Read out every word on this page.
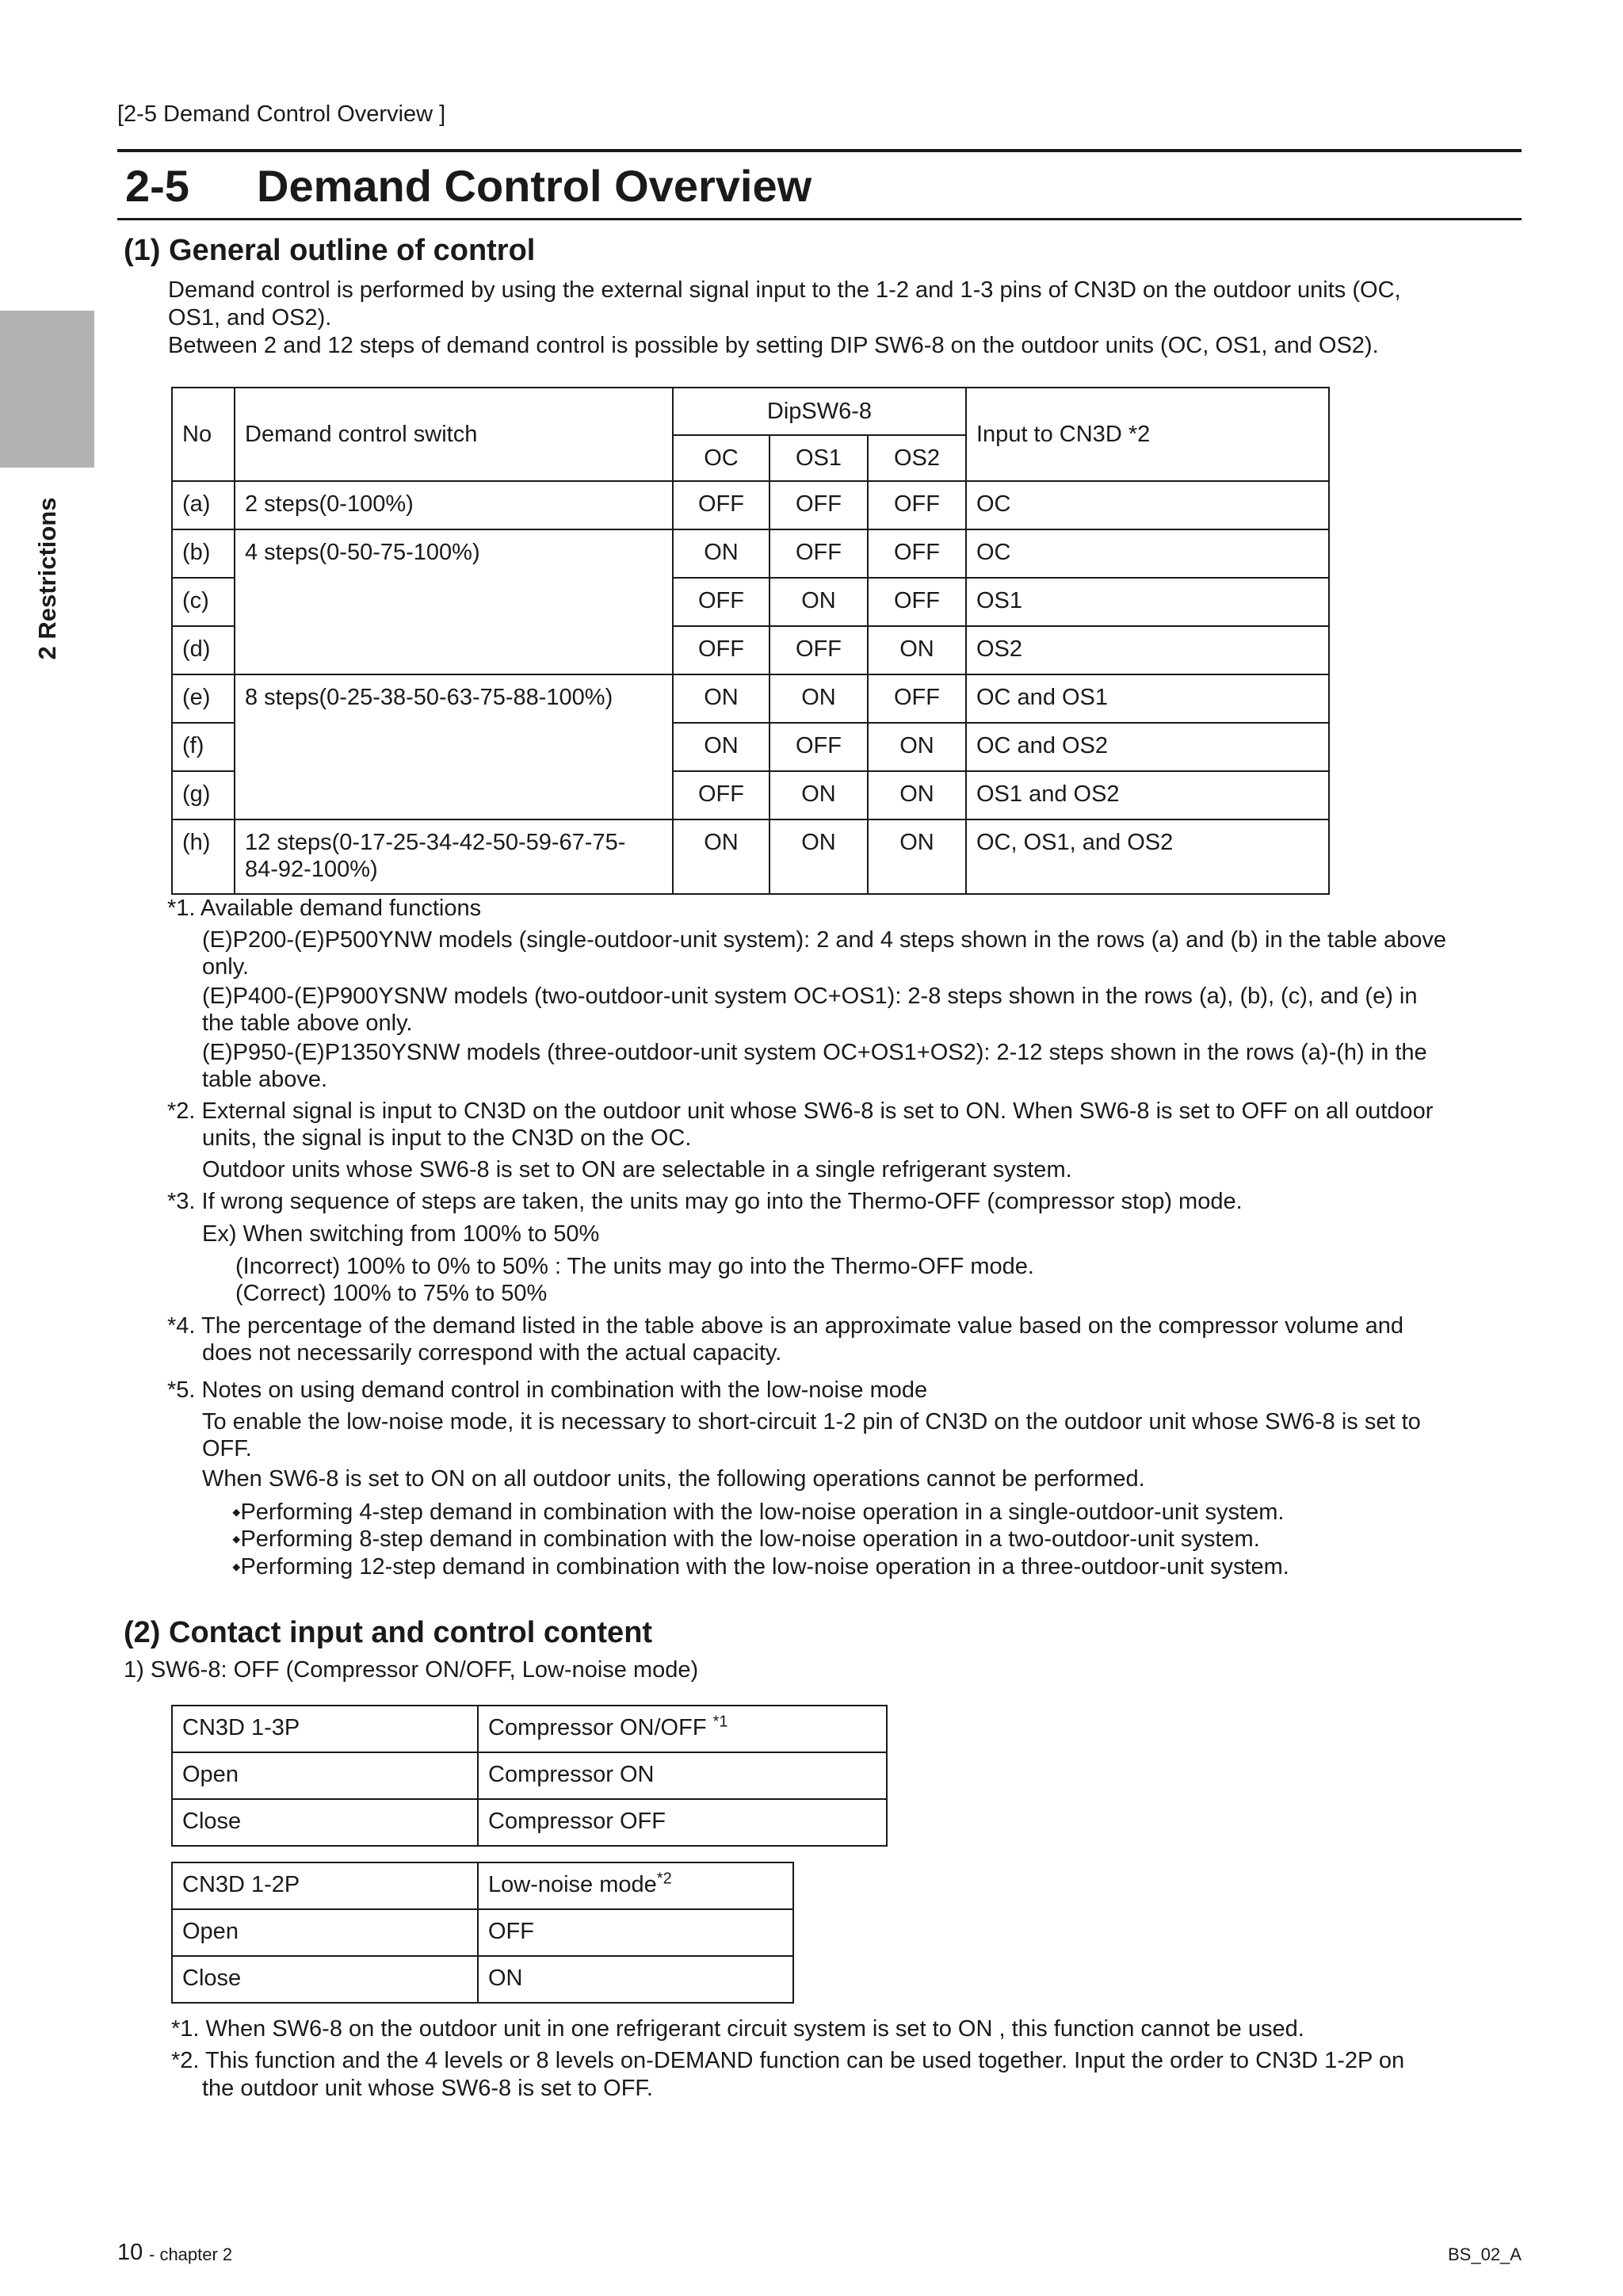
[2-5 Demand Control Overview ]
2-5 Demand Control Overview
2 Restrictions
(1) General outline of control
Demand control is performed by using the external signal input to the 1-2 and 1-3 pins of CN3D on the outdoor units (OC,
OS1, and OS2).
Between 2 and 12 steps of demand control is possible by setting DIP SW6-8 on the outdoor units (OC, OS1, and OS2).
No	Demand control switch	DipSW6-8			Input to CN3D *2
		OC	OS1	OS2	
(a)	2 steps(0-100%)	OFF	OFF	OFF	OC
(b)	4 steps(0-50-75-100%)	ON	OFF	OFF	OC
(c)		OFF	ON	OFF	OS1
(d)		OFF	OFF	ON	OS2
(e)	8 steps(0-25-38-50-63-75-88-100%)	ON	ON	OFF	OC and OS1
(f)		ON	OFF	ON	OC and OS2
(g)		OFF	ON	ON	OS1 and OS2
(h)	12 steps(0-17-25-34-42-50-59-67-75-
84-92-100%)	ON	ON	ON	OC, OS1, and OS2
*1. Available demand functions
(E)P200-(E)P500YNW models (single-outdoor-unit system): 2 and 4 steps shown in the rows (a) and (b) in the table above
only.
(E)P400-(E)P900YSNW models (two-outdoor-unit system OC+OS1): 2-8 steps shown in the rows (a), (b), (c), and (e) in
the table above only.
(E)P950-(E)P1350YSNW models (three-outdoor-unit system OC+OS1+OS2): 2-12 steps shown in the rows (a)-(h) in the
table above.
*2. External signal is input to CN3D on the outdoor unit whose SW6-8 is set to ON. When SW6-8 is set to OFF on all outdoor
units, the signal is input to the CN3D on the OC.
Outdoor units whose SW6-8 is set to ON are selectable in a single refrigerant system.
*3. If wrong sequence of steps are taken, the units may go into the Thermo-OFF (compressor stop) mode.
Ex) When switching from 100% to 50%
(Incorrect) 100% to 0% to 50% : The units may go into the Thermo-OFF mode.
(Correct) 100% to 75% to 50%
*4. The percentage of the demand listed in the table above is an approximate value based on the compressor volume and
does not necessarily correspond with the actual capacity.
*5. Notes on using demand control in combination with the low-noise mode
To enable the low-noise mode, it is necessary to short-circuit 1-2 pin of CN3D on the outdoor unit whose SW6-8 is set to
OFF.
When SW6-8 is set to ON on all outdoor units, the following operations cannot be performed.
⬩Performing 4-step demand in combination with the low-noise operation in a single-outdoor-unit system.
⬩Performing 8-step demand in combination with the low-noise operation in a two-outdoor-unit system.
⬩Performing 12-step demand in combination with the low-noise operation in a three-outdoor-unit system.
(2) Contact input and control content
1) SW6-8: OFF (Compressor ON/OFF, Low-noise mode)
CN3D 1-3P	Compressor ON/OFF $^{*1}$
Open	Compressor ON
Close	Compressor OFF
CN3D 1-2P	Low-noise mode$^{*2}$
Open	OFF
Close	ON
*1. When SW6-8 on the outdoor unit in one refrigerant circuit system is set to ON , this function cannot be used.
*2. This function and the 4 levels or 8 levels on-DEMAND function can be used together. Input the order to CN3D 1-2P on
the outdoor unit whose SW6-8 is set to OFF.
10 - chapter 2	BS_02_A
